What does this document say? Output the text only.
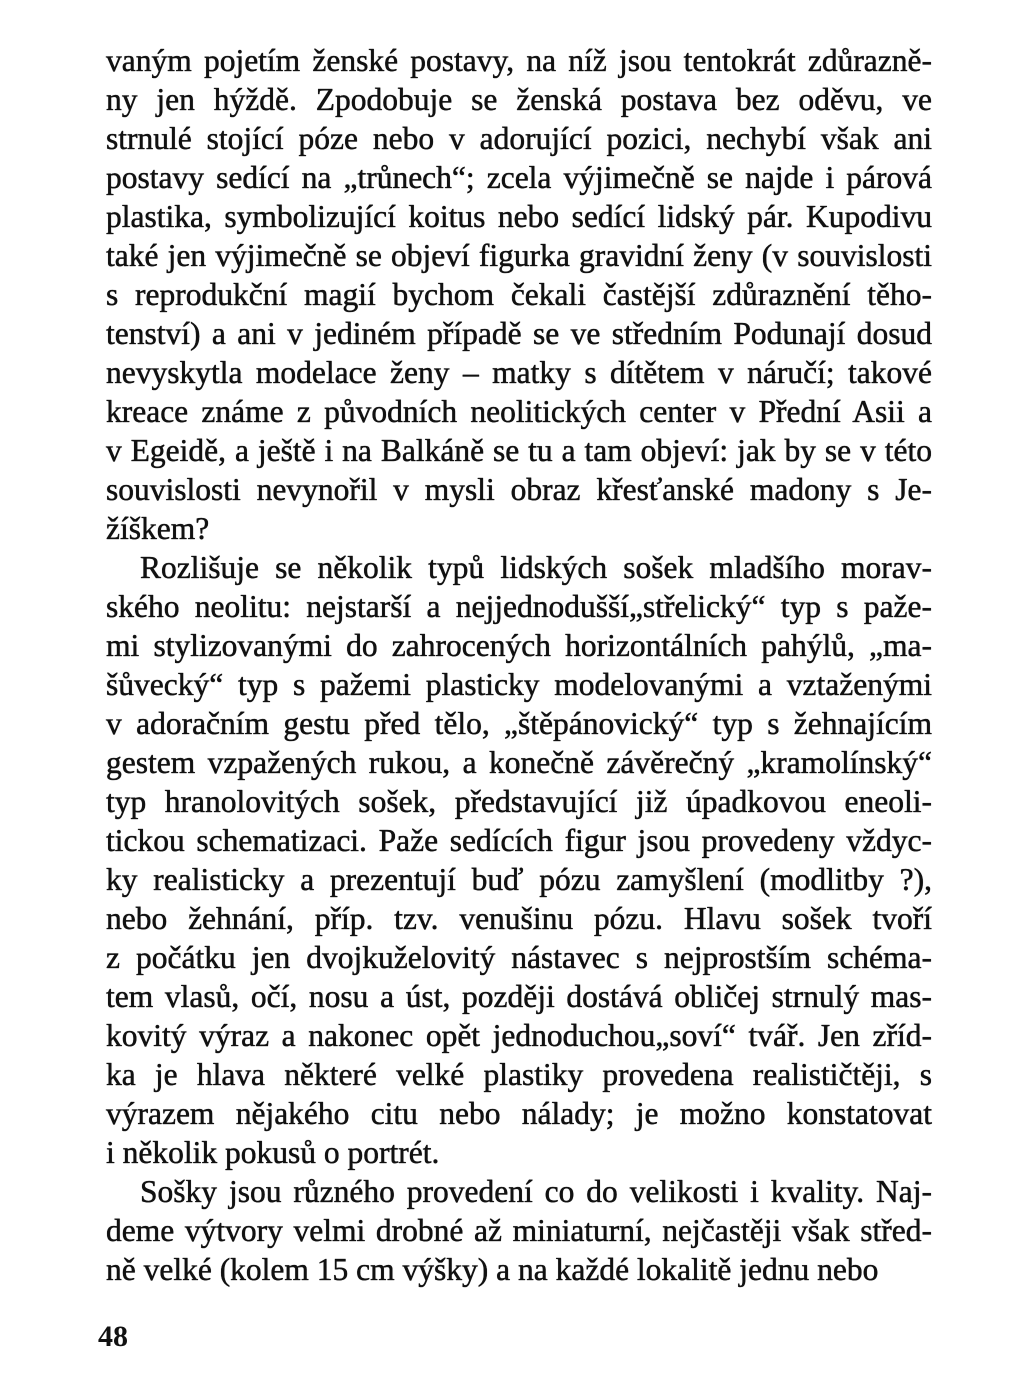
vaným pojetím ženské postavy, na níž jsou tentokrát zdůrazně-
ny jen hýždě. Zpodobuje se ženská postava bez oděvu, ve
strnulé stojící póze nebo v adorující pozici, nechybí však ani
postavy sedící na „trůnech“; zcela výjimečně se najde i párová
plastika, symbolizující koitus nebo sedící lidský pár. Kupodivu
také jen výjimečně se objeví figurka gravidní ženy (v souvislosti
s reprodukční magií bychom čekali častější zdůraznění těho-
tenství) a ani v jediném případě se ve středním Podunají dosud
nevyskytla modelace ženy – matky s dítětem v náručí; takové
kreace známe z původních neolitických center v Přední Asii a
v Egeidě, a ještě i na Balkáně se tu a tam objeví: jak by se v této
souvislosti nevynořil v mysli obraz křesťanské madony s Je-
žíškem?
Rozlišuje se několik typů lidských sošek mladšího morav-
ského neolitu: nejstarší a nejjednodušší„střelický“ typ s paže-
mi stylizovanými do zahrocených horizontálních pahýlů, „ma-
šůvecký“ typ s pažemi plasticky modelovanými a vztaženými
v adoračním gestu před tělo, „štěpánovický“ typ s žehnajícím
gestem vzpažených rukou, a konečně závěrečný „kramolínský“
typ hranolovitých sošek, představující již úpadkovou eneoli-
tickou schematizaci. Paže sedících figur jsou provedeny vždyc-
ky realisticky a prezentují buď pózu zamyšlení (modlitby ?),
nebo žehnání, příp. tzv. venušinu pózu. Hlavu sošek tvoří
z počátku jen dvojkuželovitý nástavec s nejprostším schéma-
tem vlasů, očí, nosu a úst, později dostává obličej strnulý mas-
kovitý výraz a nakonec opět jednoduchou„soví“ tvář. Jen zříd-
ka je hlava některé velké plastiky provedena realističtěji, s
výrazem nějakého citu nebo nálady; je možno konstatovat
i několik pokusů o portrét.
Sošky jsou různého provedení co do velikosti i kvality. Naj-
deme výtvory velmi drobné až miniaturní, nejčastěji však střed-
ně velké (kolem 15 cm výšky) a na každé lokalitě jednu nebo
48
